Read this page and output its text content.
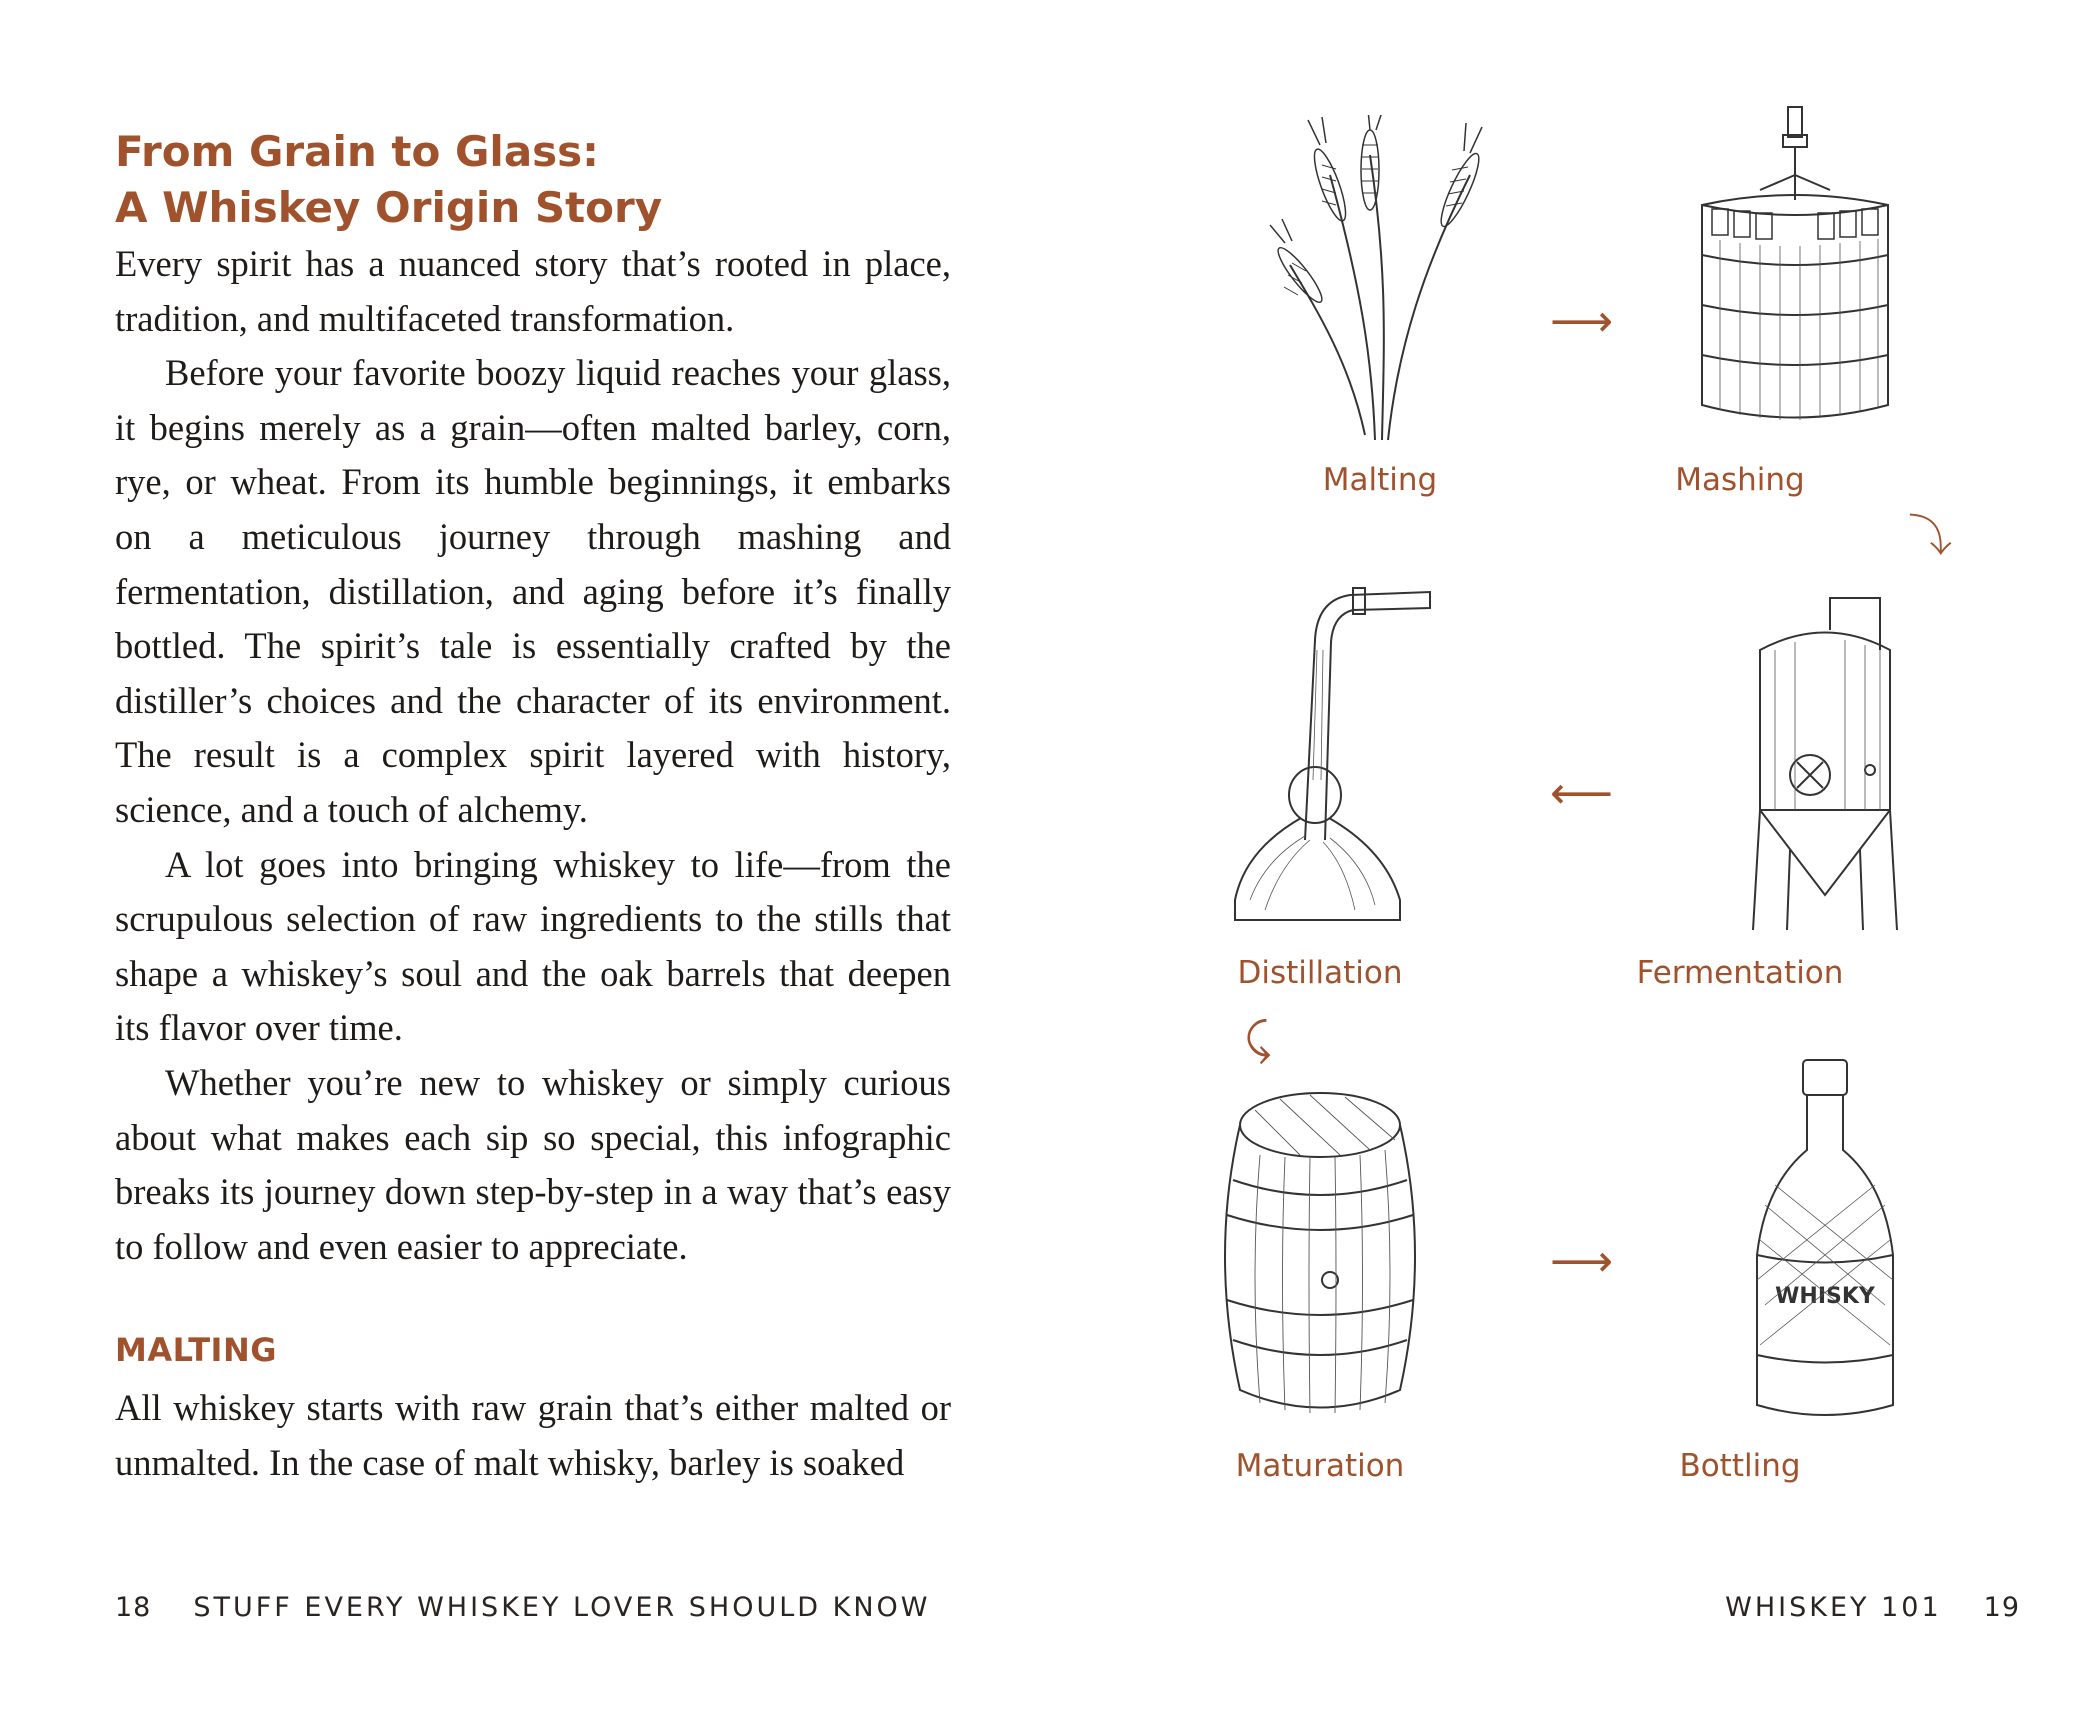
From Grain to Glass:
A Whiskey Origin Story

Every spirit has a nuanced story that’s rooted in place, tradition, and multifaceted transformation.

Before your favorite boozy liquid reaches your glass, it begins merely as a grain—often malted barley, corn, rye, or wheat. From its humble beginnings, it embarks on a meticulous journey through mashing and fermentation, distillation, and aging before it’s finally bottled. The spirit’s tale is essentially crafted by the distiller’s choices and the character of its environment. The result is a complex spirit layered with history, science, and a touch of alchemy.

A lot goes into bringing whiskey to life—from the scrupulous selection of raw ingredients to the stills that shape a whiskey’s soul and the oak barrels that deepen its flavor over time.

Whether you’re new to whiskey or simply curious about what makes each sip so special, this infographic breaks its journey down step-by-step in a way that’s easy to follow and even easier to appreciate.

MALTING

All whiskey starts with raw grain that’s either malted or unmalted. In the case of malt whisky, barley is soaked

18 STUFF EVERY WHISKEY LOVER SHOULD KNOW
Malting
⟶
Mashing
⤵
Distillation
⟵
Fermentation
⤹
Maturation
⟶
WHISKY
Bottling
WHISKEY 101 19
